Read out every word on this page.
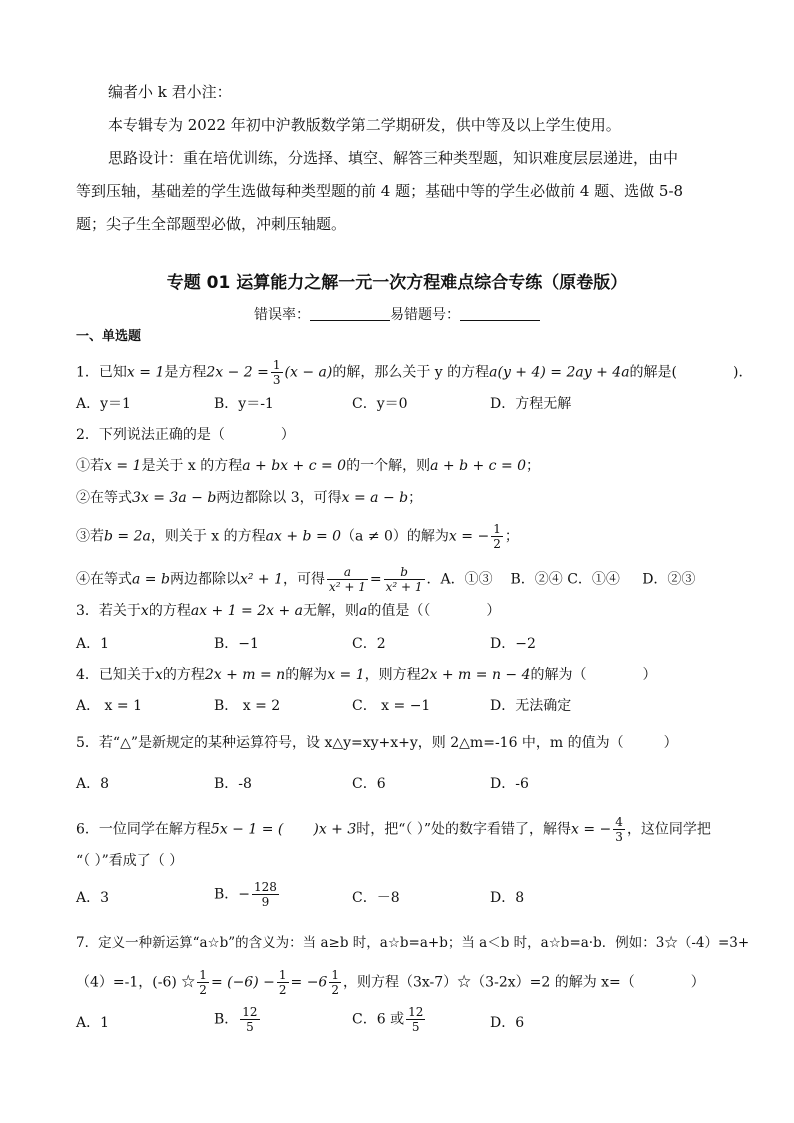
编者小 k 君小注：
本专辑专为 2022 年初中沪教版数学第二学期研发，供中等及以上学生使用。
思路设计：重在培优训练，分选择、填空、解答三种类型题，知识难度层层递进，由中
等到压轴，基础差的学生选做每种类型题的前 4 题；基础中等的学生必做前 4 题、选做 5-8
题；尖子生全部题型必做，冲刺压轴题。
专题 01 运算能力之解一元一次方程难点综合专练（原卷版）
错误率：	易错题号：
一、单选题
1．已知x = 1是方程$2x - 2 = \frac{1}{3} (x - a)$的解，那么关于 y 的方程a(y + 4) = 2ay + 4a的解是(	)．
A．y＝1	B．y＝-1	C．y＝0	D．方程无解
2．下列说法正确的是（	）
①若x = 1是关于 x 的方程a + bx + c = 0的一个解，则a + b + c = 0；
②在等式3x = 3a − b两边都除以 3，可得x = a − b；
③若b = 2a，则关于 x 的方程ax + b = 0（a ≠ 0）的解为x = − $\frac{1}{2}$ ；
④在等式a = b两边都除以x² + 1，可得 $\frac{a}{\text{x² + 1}} = \frac{b}{\text{x² + 1}}$ ．A．①③ B．②④ C．①④ D．②③
3．若关于x的方程ax + 1 = 2x + a无解，则a的值是（（	）
A．1	B．−1	C．2	D．−2
4．已知关于x的方程2x + m = n的解为x = 1，则方程2x + m = n − 4的解为（	）
A． x = 1	B． x = 2	C． x = −1	D．无法确定
5．若“△”是新规定的某种运算符号，设 x△y=xy+x+y，则 2△m=-16 中，m 的值为（	）
A．8	B．-8	C．6	D．-6
6．一位同学在解方程5x − 1 = ( )x + 3时，把“（ ）”处的数字看错了，解得x = − $\frac{4}{3}$ ，这位同学把
“（ ）”看成了（ ）
A．3	B．− $\frac{128}{9}$	C．－8	D．8
7．定义一种新运算“a☆b”的含义为：当 a≥b 时，a☆b=a+b；当 a＜b 时，a☆b=a·b．例如：3☆（-4）=3+
（4）=-1，(-6) ☆ $\frac{1}{2} = (-6) - \frac{1}{2} = -6 \frac{1}{2}$ ，则方程（3x-7）☆（3-2x）=2 的解为 x=（	）
A．1	B． $\frac{12}{5}$	C．6 或 $\frac{12}{5}$	D．6
